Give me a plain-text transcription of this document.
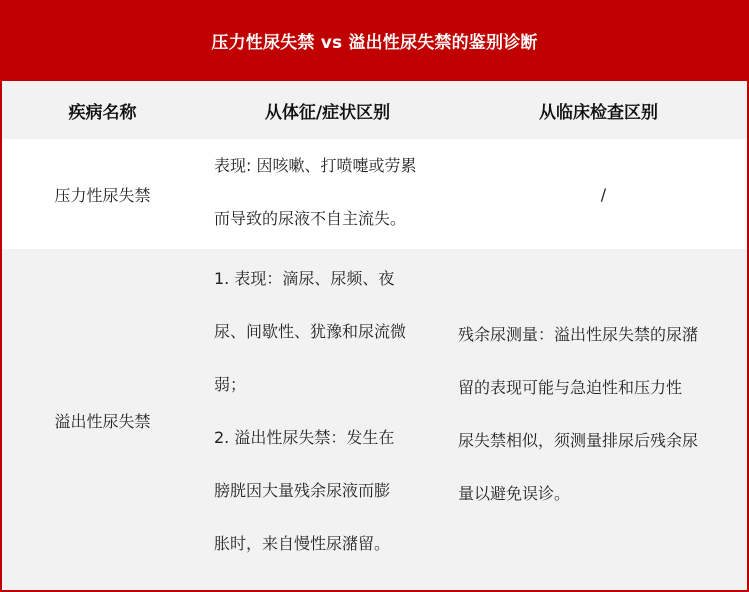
压力性尿失禁 vs 溢出性尿失禁的鉴别诊断
疾病名称	从体征/症状区别	从临床检查区别
压力性尿失禁
表现: 因咳嗽、打喷嚏或劳累
而导致的尿液不自主流失。
/
溢出性尿失禁
1. 表现：滴尿、尿频、夜
尿、间歇性、犹豫和尿流微
弱；
2. 溢出性尿失禁：发生在
膀胱因大量残余尿液而膨
胀时，来自慢性尿潴留。
残余尿测量：溢出性尿失禁的尿潴
留的表现可能与急迫性和压力性
尿失禁相似，须测量排尿后残余尿
量以避免误诊。
